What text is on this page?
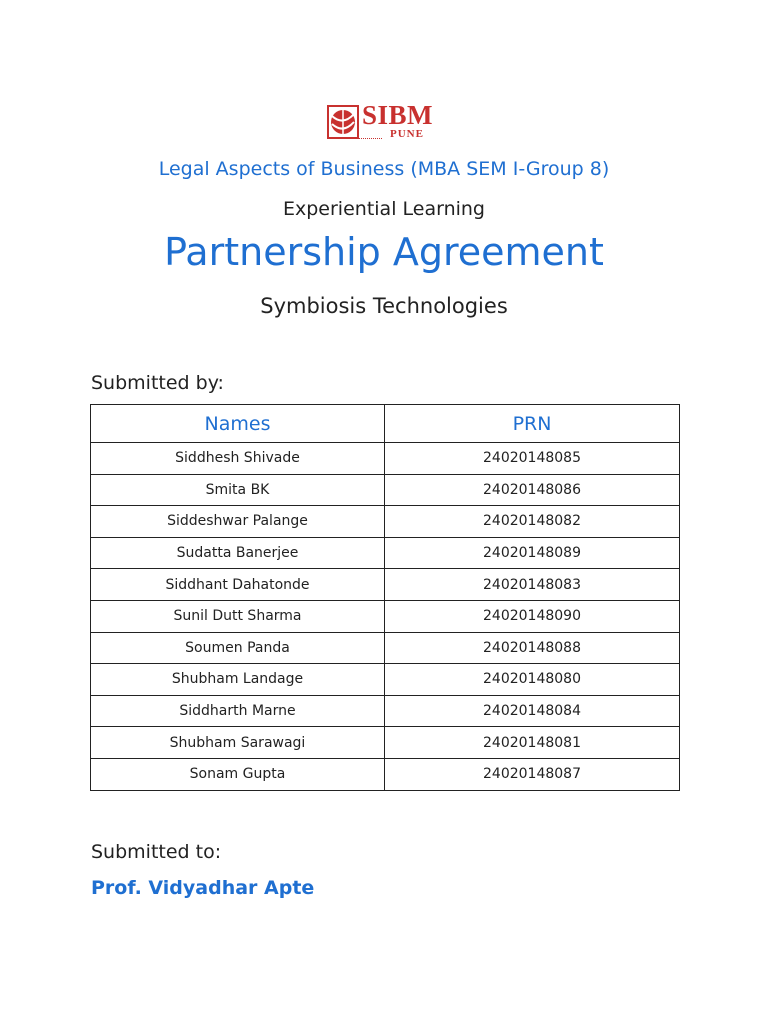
SIBM
PUNE
Legal Aspects of Business (MBA SEM I-Group 8)
Experiential Learning
Partnership Agreement
Symbiosis Technologies
Submitted by:
Names	PRN
Siddhesh Shivade	24020148085
Smita BK	24020148086
Siddeshwar Palange	24020148082
Sudatta Banerjee	24020148089
Siddhant Dahatonde	24020148083
Sunil Dutt Sharma	24020148090
Soumen Panda	24020148088
Shubham Landage	24020148080
Siddharth Marne	24020148084
Shubham Sarawagi	24020148081
Sonam Gupta	24020148087
Submitted to:
Prof. Vidyadhar Apte
